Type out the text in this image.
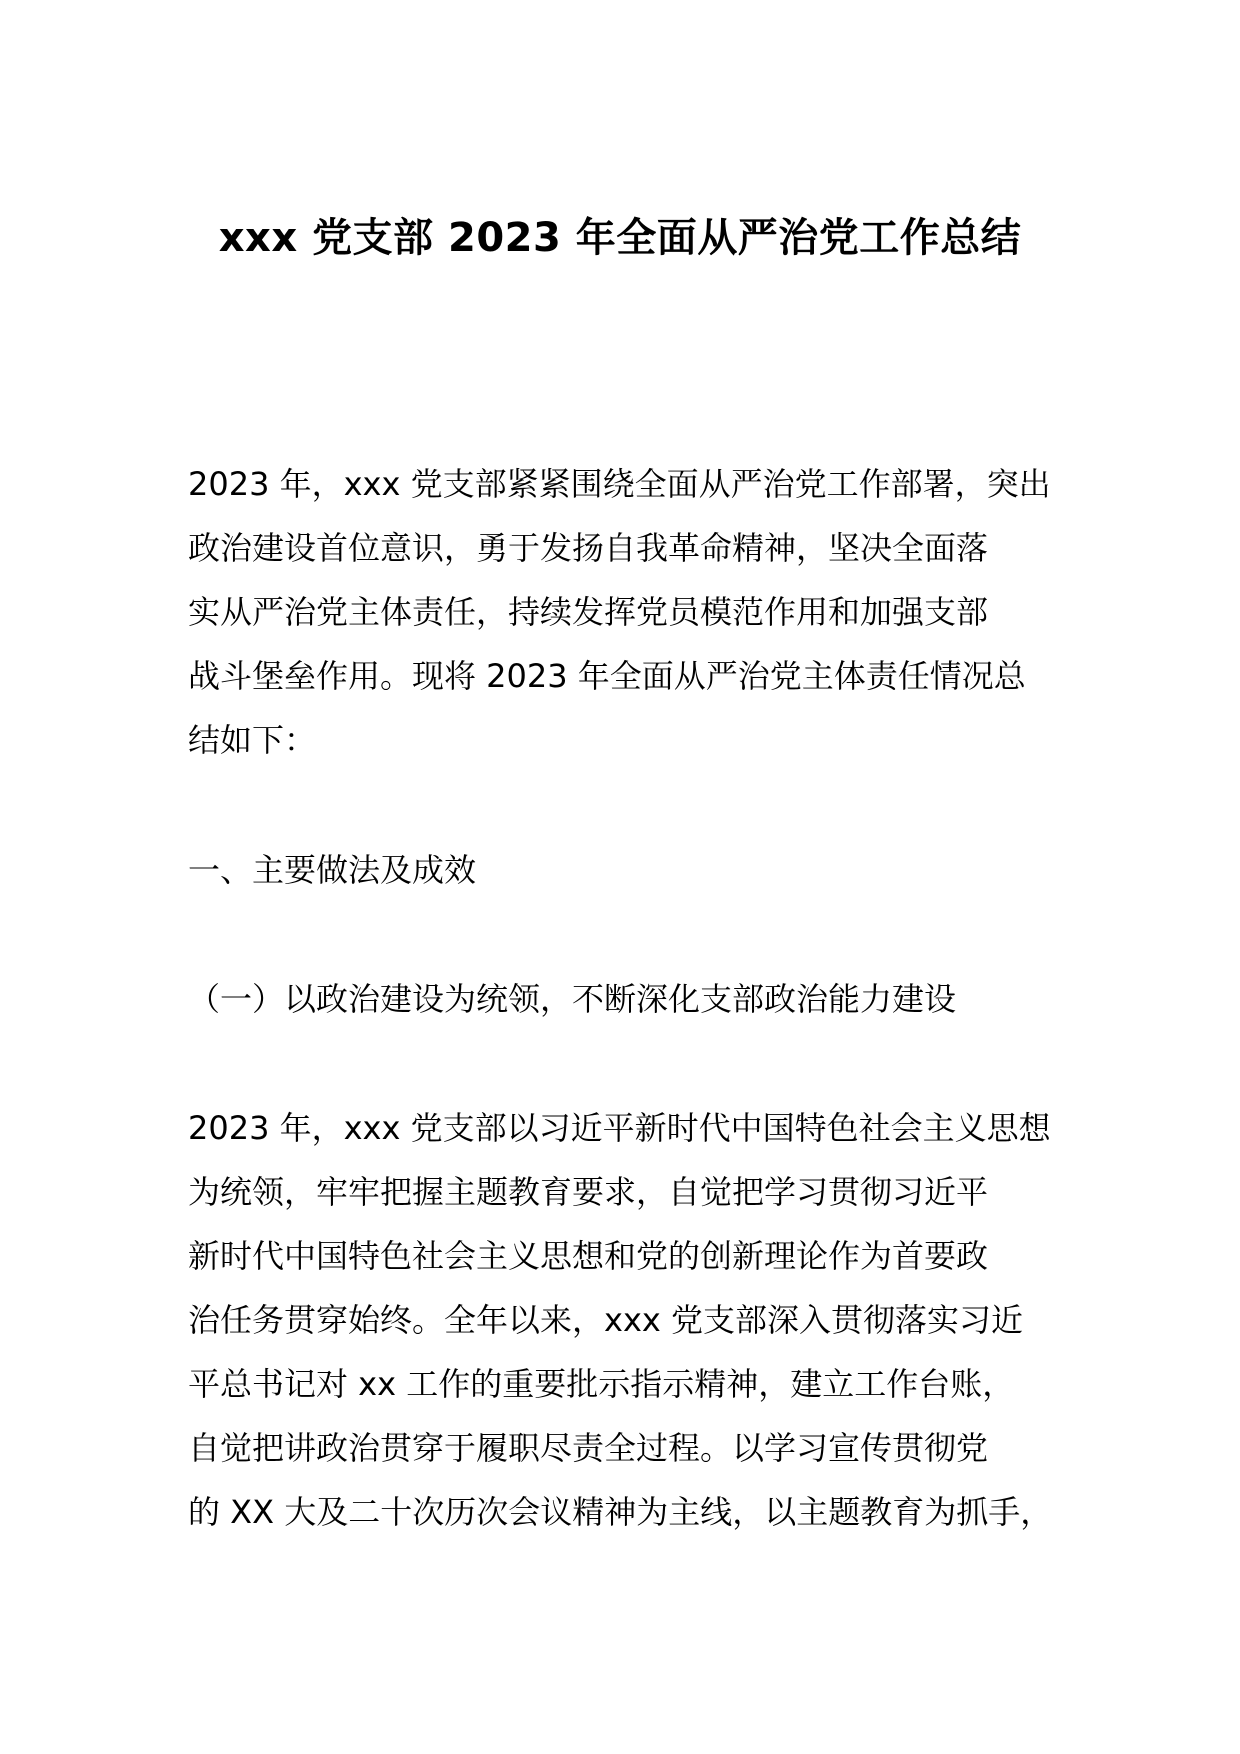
xxx 党支部 2023 年全面从严治党工作总结
2023 年，xxx 党支部紧紧围绕全面从严治党工作部署，突出
政治建设首位意识，勇于发扬自我革命精神，坚决全面落
实从严治党主体责任，持续发挥党员模范作用和加强支部
战斗堡垒作用。现将 2023 年全面从严治党主体责任情况总
结如下：
一、主要做法及成效
（一）以政治建设为统领，不断深化支部政治能力建设
2023 年，xxx 党支部以习近平新时代中国特色社会主义思想
为统领，牢牢把握主题教育要求，自觉把学习贯彻习近平
新时代中国特色社会主义思想和党的创新理论作为首要政
治任务贯穿始终。全年以来，xxx 党支部深入贯彻落实习近
平总书记对 xx 工作的重要批示指示精神，建立工作台账，
自觉把讲政治贯穿于履职尽责全过程。以学习宣传贯彻党
的 XX 大及二十次历次会议精神为主线，以主题教育为抓手，
